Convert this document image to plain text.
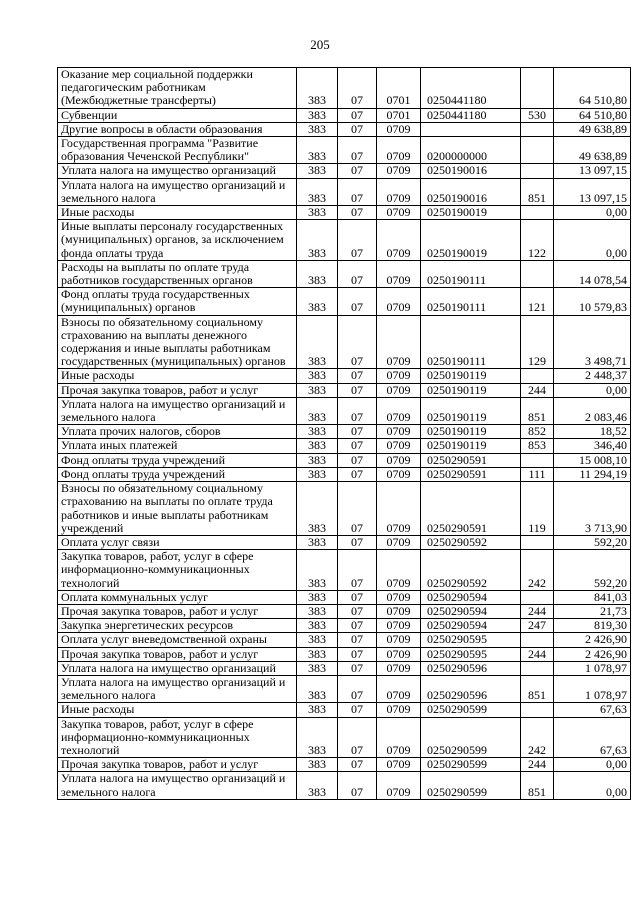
205
Оказание мер социальной поддержки педагогическим работникам (Межбюджетные трансферты)	383	07	0701	0250441180		64 510,80
Субвенции	383	07	0701	0250441180	530	64 510,80
Другие вопросы в области образования	383	07	0709			49 638,89
Государственная программа "Развитие образования Чеченской Республики"	383	07	0709	0200000000		49 638,89
Уплата налога на имущество организаций	383	07	0709	0250190016		13 097,15
Уплата налога на имущество организаций и земельного налога	383	07	0709	0250190016	851	13 097,15
Иные расходы	383	07	0709	0250190019		0,00
Иные выплаты персоналу государственных (муниципальных) органов, за исключением фонда оплаты труда	383	07	0709	0250190019	122	0,00
Расходы на выплаты по оплате труда работников государственных органов	383	07	0709	0250190111		14 078,54
Фонд оплаты труда государственных (муниципальных) органов	383	07	0709	0250190111	121	10 579,83
Взносы по обязательному социальному страхованию на выплаты денежного содержания и иные выплаты работникам государственных (муниципальных) органов	383	07	0709	0250190111	129	3 498,71
Иные расходы	383	07	0709	0250190119		2 448,37
Прочая закупка товаров, работ и услуг	383	07	0709	0250190119	244	0,00
Уплата налога на имущество организаций и земельного налога	383	07	0709	0250190119	851	2 083,46
Уплата прочих налогов, сборов	383	07	0709	0250190119	852	18,52
Уплата иных платежей	383	07	0709	0250190119	853	346,40
Фонд оплаты труда учреждений	383	07	0709	0250290591		15 008,10
Фонд оплаты труда учреждений	383	07	0709	0250290591	111	11 294,19
Взносы по обязательному социальному страхованию на выплаты по оплате труда работников и иные выплаты работникам учреждений	383	07	0709	0250290591	119	3 713,90
Оплата услуг связи	383	07	0709	0250290592		592,20
Закупка товаров, работ, услуг в сфере информационно-коммуникационных технологий	383	07	0709	0250290592	242	592,20
Оплата коммунальных услуг	383	07	0709	0250290594		841,03
Прочая закупка товаров, работ и услуг	383	07	0709	0250290594	244	21,73
Закупка энергетических ресурсов	383	07	0709	0250290594	247	819,30
Оплата услуг вневедомственной охраны	383	07	0709	0250290595		2 426,90
Прочая закупка товаров, работ и услуг	383	07	0709	0250290595	244	2 426,90
Уплата налога на имущество организаций	383	07	0709	0250290596		1 078,97
Уплата налога на имущество организаций и земельного налога	383	07	0709	0250290596	851	1 078,97
Иные расходы	383	07	0709	0250290599		67,63
Закупка товаров, работ, услуг в сфере информационно-коммуникационных технологий	383	07	0709	0250290599	242	67,63
Прочая закупка товаров, работ и услуг	383	07	0709	0250290599	244	0,00
Уплата налога на имущество организаций и земельного налога	383	07	0709	0250290599	851	0,00
